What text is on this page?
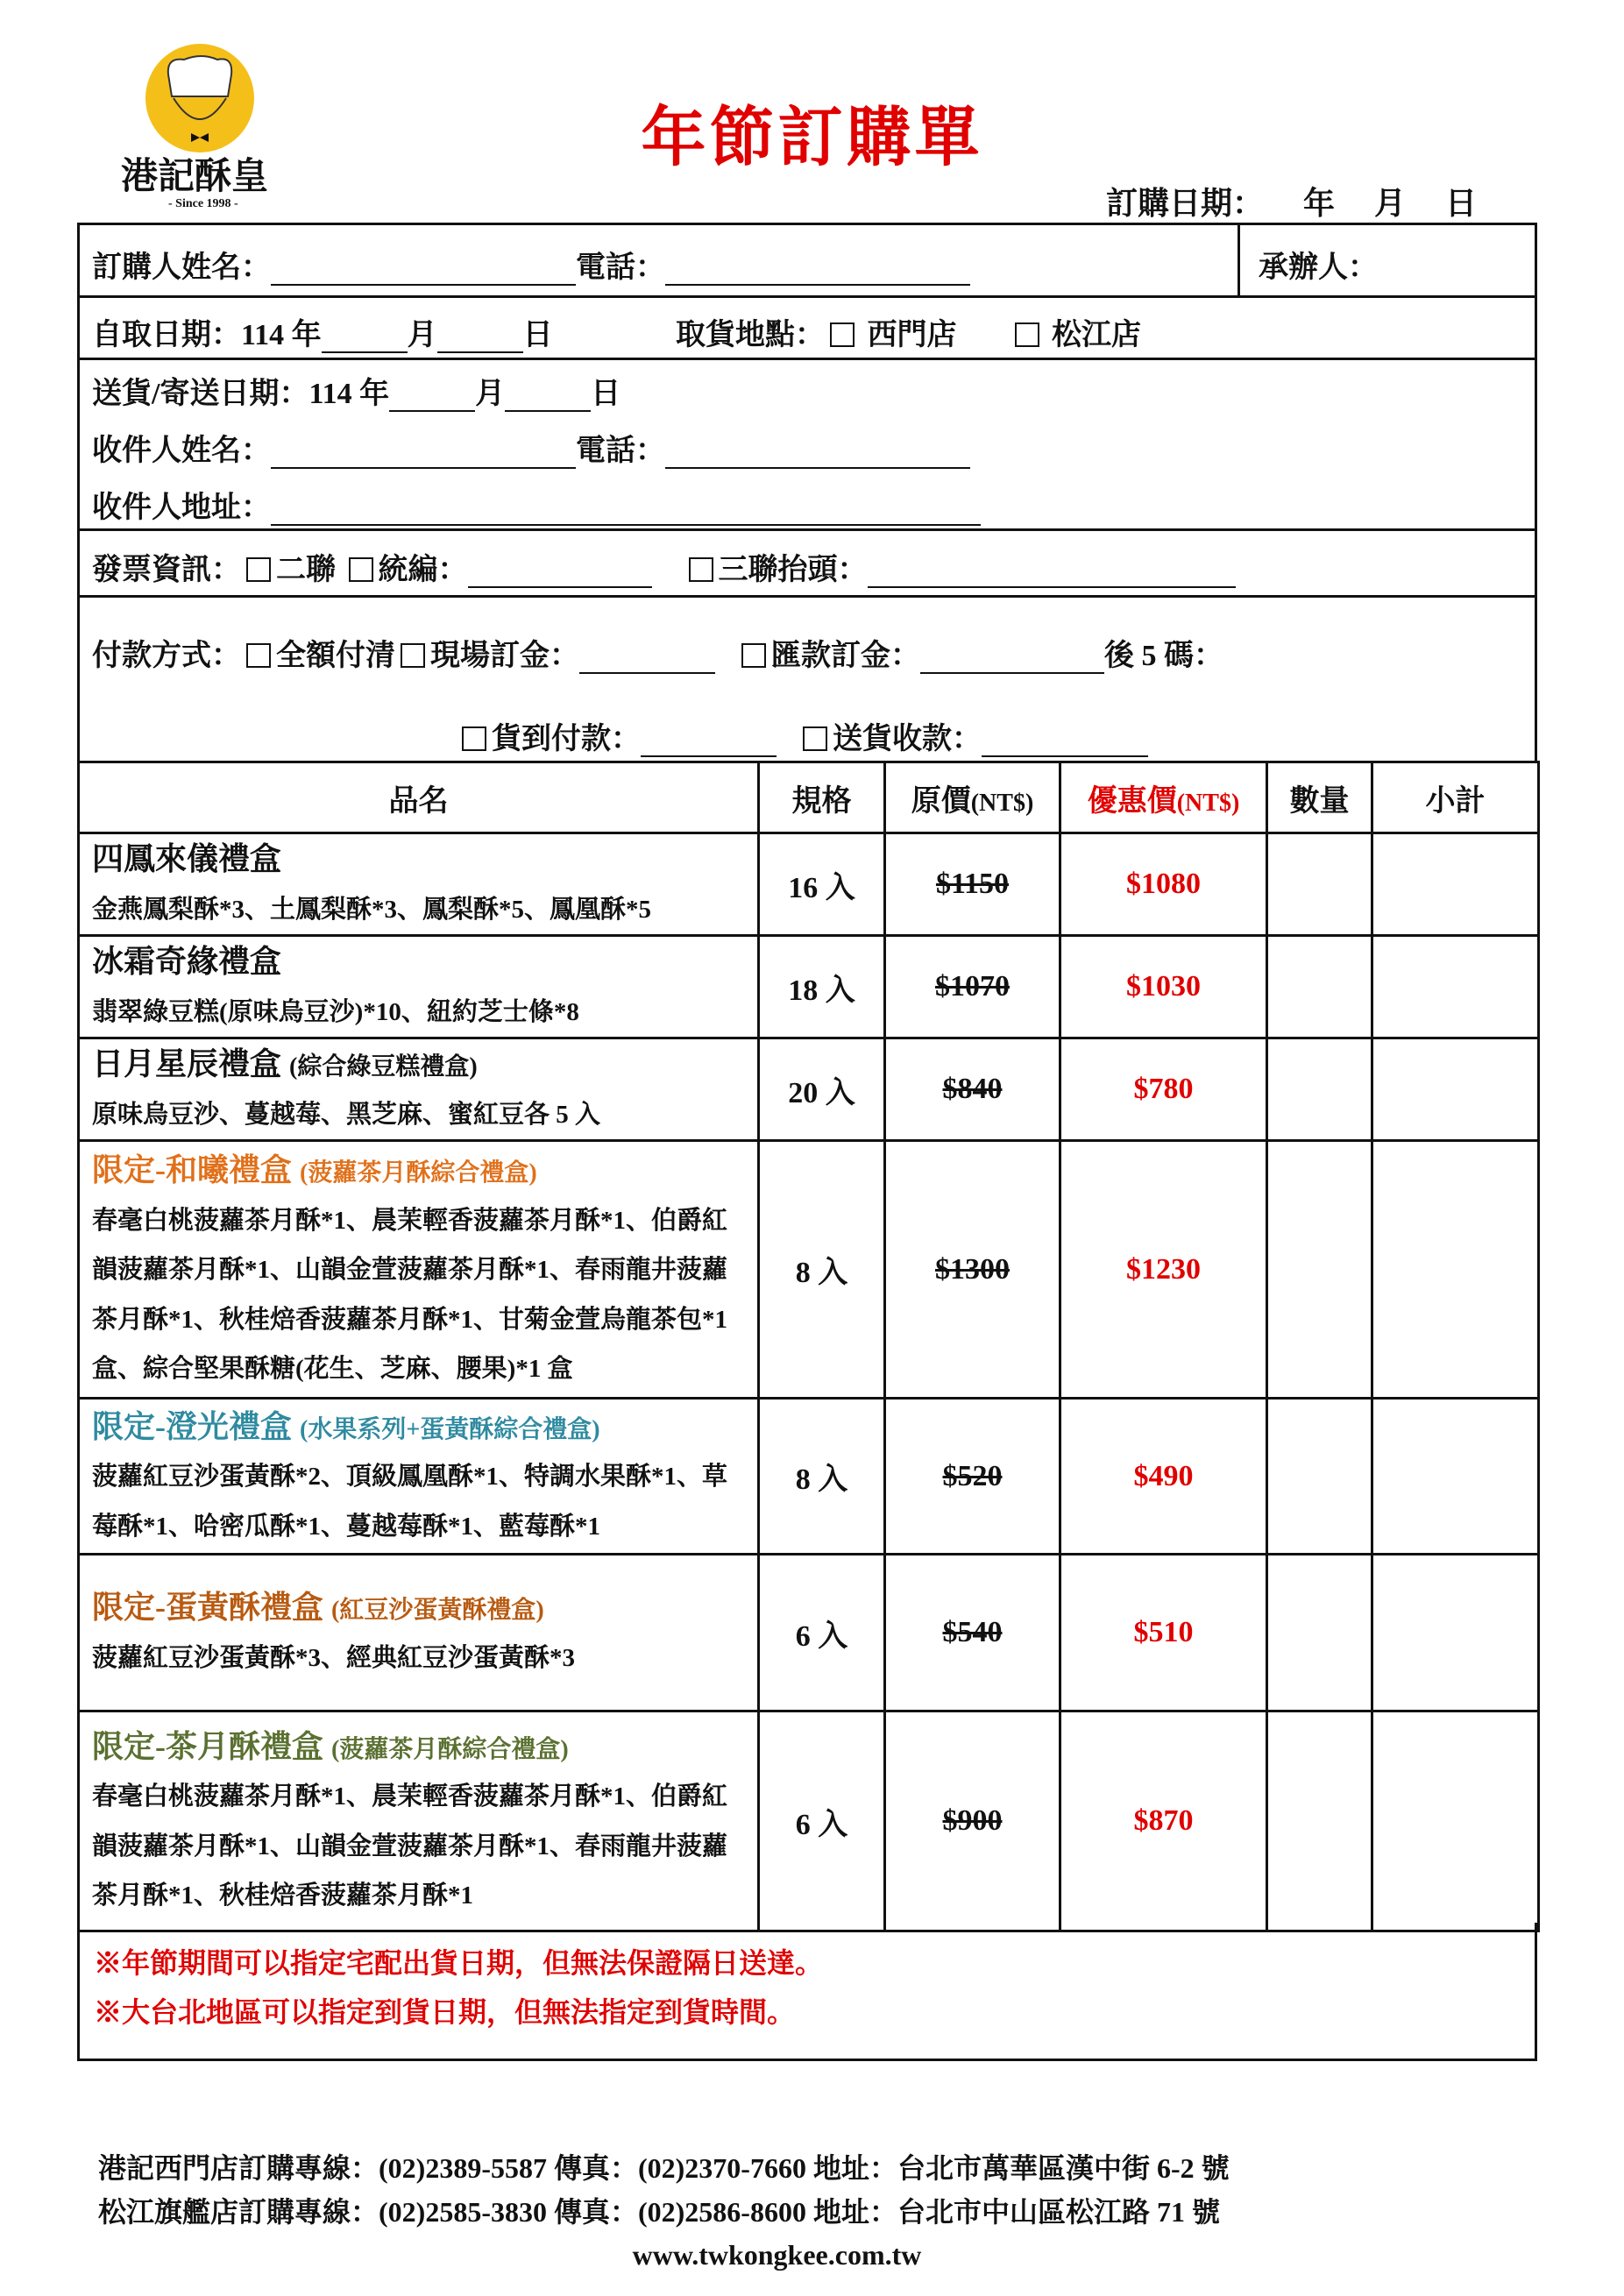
港記酥皇
- Since 1998 -
年節訂購單
訂購日期： 年 月 日
訂購人姓名：	電話：	承辦人：
自取日期：114 年	月	日	取貨地點： 西門店	松江店
送貨/寄送日期：114 年	月	日
收件人姓名：	電話：
收件人地址：
發票資訊： 二聯 統編：	三聯抬頭：
付款方式： 全額付清 現場訂金：	匯款訂金：	後 5 碼：
貨到付款：	送貨收款：
品名	規格	原價(NT$)	優惠價(NT$)	數量	小計

四鳳來儀禮盒
金燕鳳梨酥*3、土鳳梨酥*3、鳳梨酥*5、鳳凰酥*5	16 入	$1150	$1080		

冰霜奇緣禮盒
翡翠綠豆糕(原味烏豆沙)*10、紐約芝士條*8	18 入	$1070	$1030		

日月星辰禮盒 (綜合綠豆糕禮盒)
原味烏豆沙、蔓越莓、黑芝麻、蜜紅豆各 5 入	20 入	$840	$780		

限定-和曦禮盒 (菠蘿茶月酥綜合禮盒)
春毫白桃菠蘿茶月酥*1、晨茉輕香菠蘿茶月酥*1、伯爵紅韻菠蘿茶月酥*1、山韻金萱菠蘿茶月酥*1、春雨龍井菠蘿茶月酥*1、秋桂焙香菠蘿茶月酥*1、甘菊金萱烏龍茶包*1 盒、綜合堅果酥糖(花生、芝麻、腰果)*1 盒	8 入	$1300	$1230		

限定-澄光禮盒 (水果系列+蛋黃酥綜合禮盒)
菠蘿紅豆沙蛋黃酥*2、頂級鳳凰酥*1、特調水果酥*1、草莓酥*1、哈密瓜酥*1、蔓越莓酥*1、藍莓酥*1	8 入	$520	$490		

限定-蛋黃酥禮盒 (紅豆沙蛋黃酥禮盒)
菠蘿紅豆沙蛋黃酥*3、經典紅豆沙蛋黃酥*3	6 入	$540	$510		

限定-茶月酥禮盒 (菠蘿茶月酥綜合禮盒)
春毫白桃菠蘿茶月酥*1、晨茉輕香菠蘿茶月酥*1、伯爵紅韻菠蘿茶月酥*1、山韻金萱菠蘿茶月酥*1、春雨龍井菠蘿茶月酥*1、秋桂焙香菠蘿茶月酥*1	6 入	$900	$870		
※年節期間可以指定宅配出貨日期，但無法保證隔日送達。
※大台北地區可以指定到貨日期，但無法指定到貨時間。
港記西門店訂購專線：(02)2389-5587 傳真：(02)2370-7660 地址：台北市萬華區漢中街 6-2 號
松江旗艦店訂購專線：(02)2585-3830 傳真：(02)2586-8600 地址：台北市中山區松江路 71 號
www.twkongkee.com.tw
